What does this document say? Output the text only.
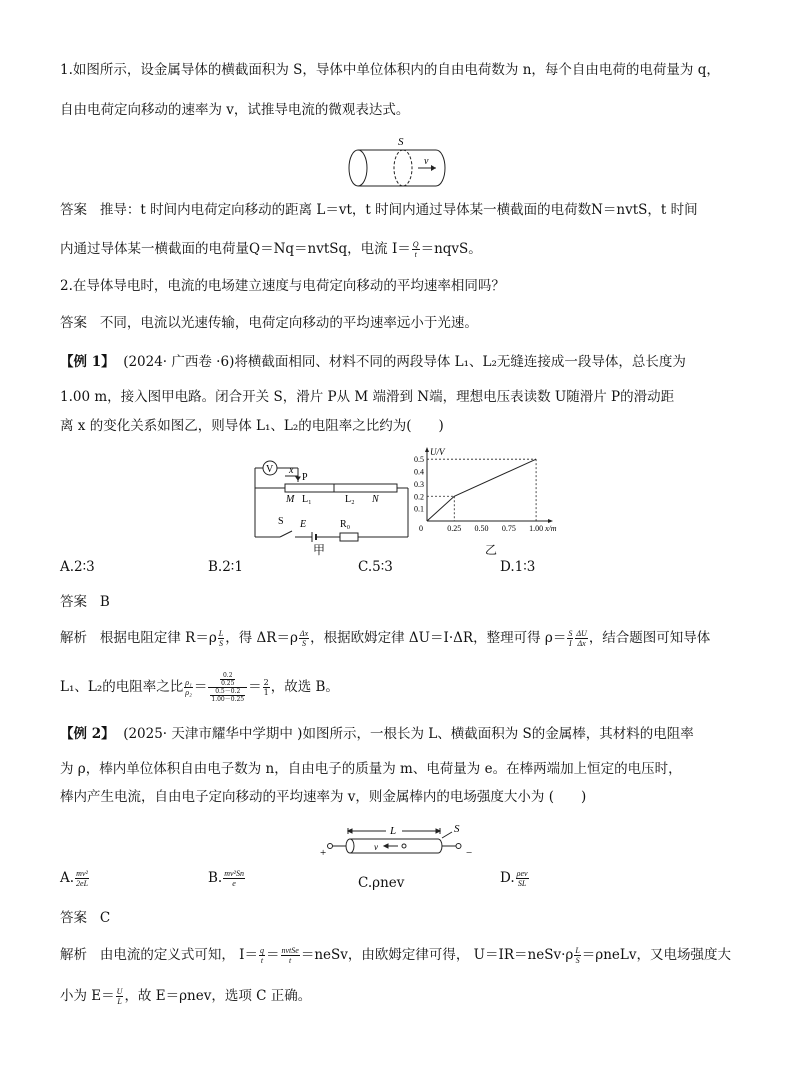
1.如图所示，设金属导体的横截面积为 S，导体中单位体积内的自由电荷数为 n，每个自由电荷的电荷量为 q，
自由电荷定向移动的速率为 v，试推导电流的微观表达式。
S
v
答案 推导：t 时间内电荷定向移动的距离 L＝vt，t 时间内通过导体某一横截面的电荷数N＝nvtS，t 时间
内通过导体某一横截面的电荷量Q＝Nq＝nvtSq，电流 $I= \frac{Q}{t}$ ＝nqvS。
2.在导体导电时，电流的电场建立速度与电荷定向移动的平均速率相同吗？
答案 不同，电流以光速传输，电荷定向移动的平均速率远小于光速。
【例 1】 (2024· 广西卷 ·6)将横截面相同、材料不同的两段导体 L₁、L₂无缝连接成一段导体，总长度为
1.00 m，接入图甲电路。闭合开关 S，滑片 P从 M 端滑到 N端，理想电压表读数 U随滑片 P的滑动距
离 x 的变化关系如图乙，则导体 L₁、L₂的电阻率之比约为(　　)
V x
P
M L₁	L₂ N
S E	R₀
甲
0.1
0.2
0.3
0.4
0.5
0.25 0.50 0.75 1.00
0
U/V
x/m
乙
A.2∶3	B.2∶1	C.5∶3	D.1∶3
答案 B
解析 根据电阻定律 $R=\rho \frac{L}{S}$ ，得 $\Delta R=\rho \frac{\Delta x}{S}$ ，根据欧姆定律 ΔU＝I·ΔR，整理可得 $\rho= \frac{S}{I} \frac{\Delta U}{\Delta x}$ ，结合题图可知导体
L₁、L₂的电阻率之比 $\frac{\text{ρ₁}}{\text{ρ₂}} = \frac{\frac{0.2}{0.25}}{\frac{0.5-0.2}{1.00-0.25}} = \frac{2}{1}$ ，故选 B。
【例 2】 (2025· 天津市耀华中学期中 )如图所示，一根长为 L、横截面积为 S的金属棒，其材料的电阻率
为 ρ，棒内单位体积自由电子数为 n，自由电子的质量为 m、电荷量为 e。在棒两端加上恒定的电压时，
棒内产生电流，自由电子定向移动的平均速率为 v，则金属棒内的电场强度大小为 (　　)
L	S
v
+	−
A. $\frac{\text{mv²}}{2eL}$	B. $\frac{\text{mv²Sn}}{e}$	C.ρnev	D. $\frac{\text{ρev}}{SL}$
答案 C
解析 由电流的定义式可知， $I= \frac{q}{t} = \frac{\text{nvtSe}}{t}$ ＝neSv，由欧姆定律可得， U＝IR＝neSv·ρ $\frac{L}{S}$ ＝ρneLv，又电场强度大
小为 $E= \frac{U}{L}$ ，故 E＝ρnev，选项 C 正确。
